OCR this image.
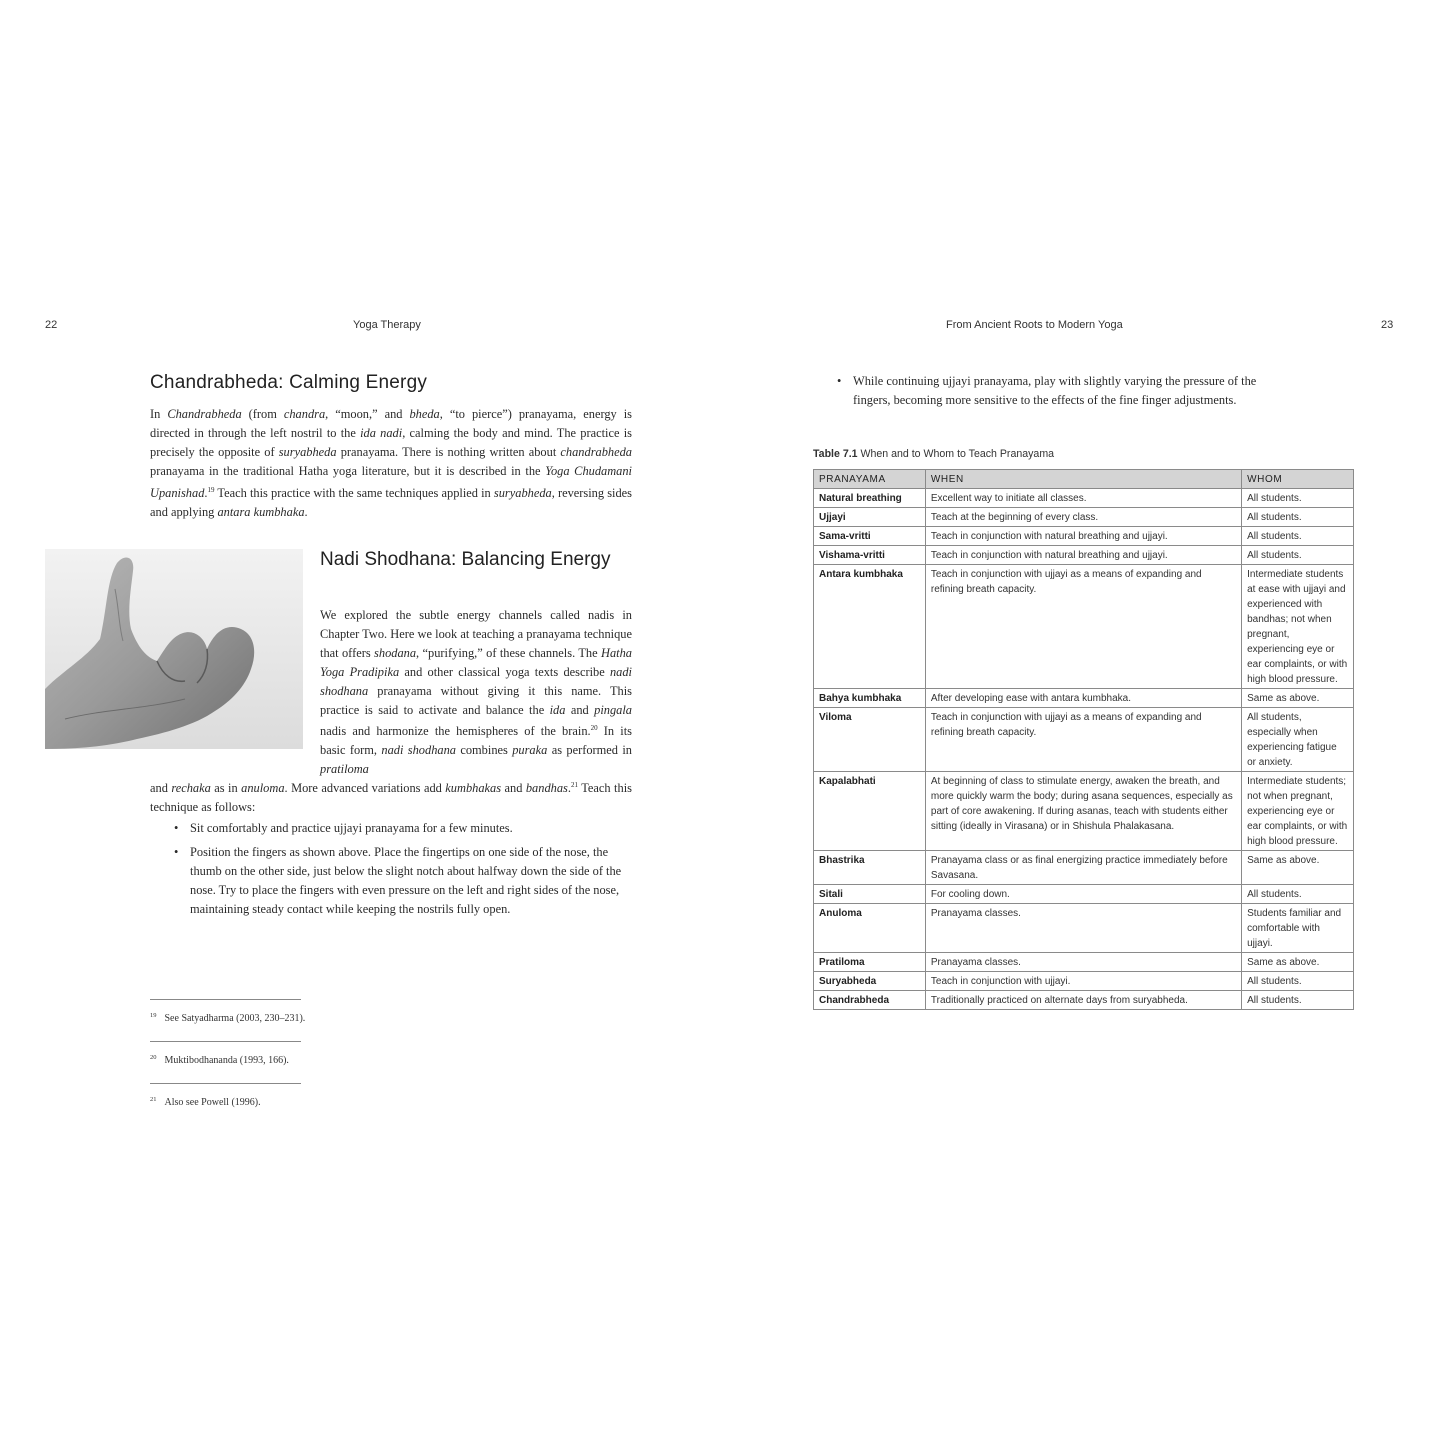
22	Yoga Therapy	From Ancient Roots to Modern Yoga	23
Chandrabheda: Calming Energy

In Chandrabheda (from chandra, “moon,” and bheda, “to pierce”) pranayama, energy is directed in through the left nostril to the ida nadi, calming the body and mind. The practice is precisely the opposite of suryabheda pranayama. There is nothing written about chandrabheda pranayama in the traditional Hatha yoga literature, but it is described in the Yoga Chudamani Upanishad.$^{19}$ Teach this practice with the same techniques applied in suryabheda, reversing sides and applying antara kumbhaka.

Nadi Shodhana: Balancing Energy

We explored the subtle energy channels called nadis in Chapter Two. Here we look at teaching a pranayama technique that offers shodana, “purifying,” of these channels. The Hatha Yoga Pradipika and other classical yoga texts describe nadi shodhana pranayama without giving it this name. This practice is said to activate and balance the ida and pingala nadis and harmonize the hemispheres of the brain.$^{20}$ In its basic form, nadi shodhana combines puraka as performed in pratiloma

and rechaka as in anuloma. More advanced variations add kumbhakas and bandhas.$^{21}$ Teach this technique as follows:

• Sit comfortably and practice ujjayi pranayama for a few minutes.
• Position the fingers as shown above. Place the fingertips on one side of the nose, the thumb on the other side, just below the slight notch about halfway down the side of the nose. Try to place the fingers with even pressure on the left and right sides of the nose, maintaining steady contact while keeping the nostrils fully open.
$^{19}$ See Satyadharma (2003, 230–231).
$^{20}$ Muktibodhananda (1993, 166).
$^{21}$ Also see Powell (1996).
• While continuing ujjayi pranayama, play with slightly varying the pressure of the fingers, becoming more sensitive to the effects of the fine finger adjustments.
Table 7.1 When and to Whom to Teach Pranayama
PRANAYAMA	WHEN	WHOM
Natural breathing	Excellent way to initiate all classes.	All students.
Ujjayi	Teach at the beginning of every class.	All students.
Sama-vritti	Teach in conjunction with natural breathing and ujjayi.	All students.
Vishama-vritti	Teach in conjunction with natural breathing and ujjayi.	All students.
Antara kumbhaka	Teach in conjunction with ujjayi as a means of expanding and refining breath capacity.	Intermediate students at ease with ujjayi and experienced with bandhas; not when pregnant, experiencing eye or ear complaints, or with high blood pressure.
Bahya kumbhaka	After developing ease with antara kumbhaka.	Same as above.
Viloma	Teach in conjunction with ujjayi as a means of expanding and refining breath capacity.	All students, especially when experiencing fatigue or anxiety.
Kapalabhati	At beginning of class to stimulate energy, awaken the breath, and more quickly warm the body; during asana sequences, especially as part of core awakening. If during asanas, teach with students either sitting (ideally in Virasana) or in Shishula Phalakasana.	Intermediate students; not when pregnant, experiencing eye or ear complaints, or with high blood pressure.
Bhastrika	Pranayama class or as final energizing practice immediately before Savasana.	Same as above.
Sitali	For cooling down.	All students.
Anuloma	Pranayama classes.	Students familiar and comfortable with ujjayi.
Pratiloma	Pranayama classes.	Same as above.
Suryabheda	Teach in conjunction with ujjayi.	All students.
Chandrabheda	Traditionally practiced on alternate days from suryabheda.	All students.
